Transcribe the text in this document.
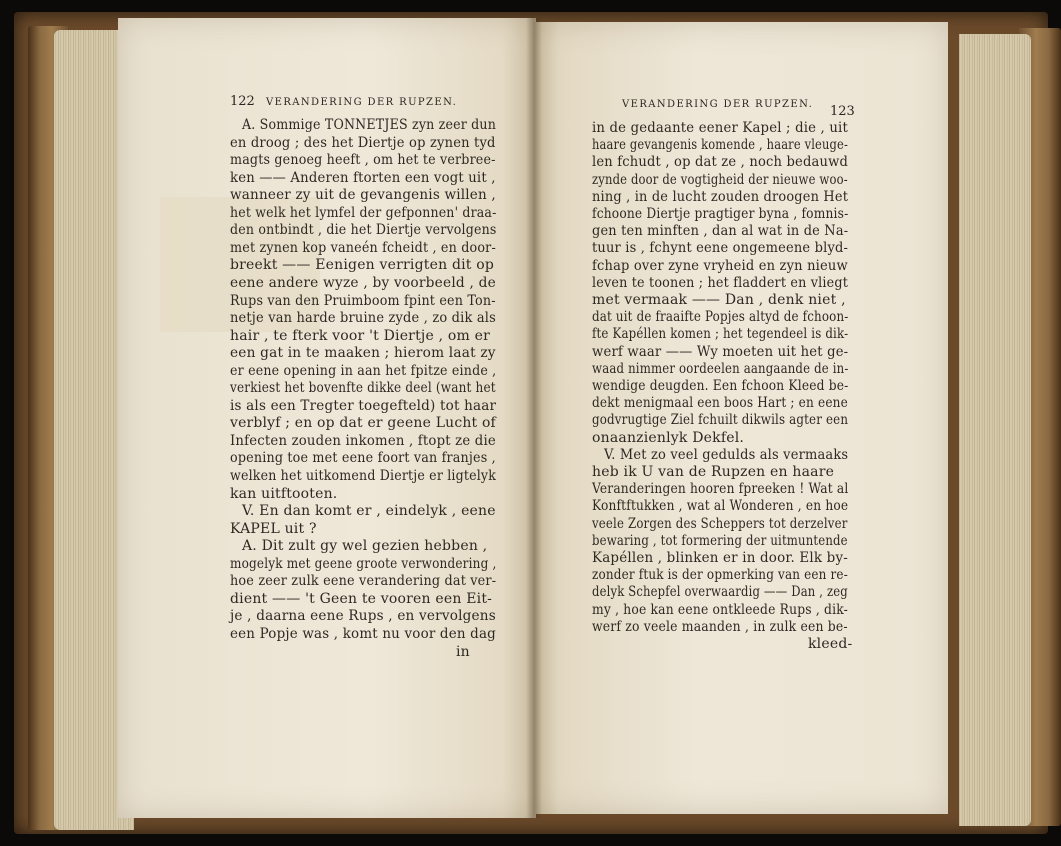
122 VERANDERING DER RUPZEN.	VERANDERING DER RUPZEN. 123
A. Sommige TONNETJES zyn zeer dun
en droog ; des het Diertje op zynen tyd
magts genoeg heeft , om het te verbree-
ken —— Anderen ftorten een vogt uit ,
wanneer zy uit de gevangenis willen ,
het welk het lymfel der gefponnen' draa-
den ontbindt , die het Diertje vervolgens
met zynen kop vaneén fcheidt , en door-
breekt —— Eenigen verrigten dit op
eene andere wyze , by voorbeeld , de
Rups van den Pruimboom fpint een Ton-
netje van harde bruine zyde , zo dik als
hair , te fterk voor 't Diertje , om er
een gat in te maaken ; hierom laat zy
er eene opening in aan het fpitze einde ,
verkiest het bovenfte dikke deel (want het
is als een Tregter toegefteld) tot haar
verblyf ; en op dat er geene Lucht of
Infecten zouden inkomen , ftopt ze die
opening toe met eene foort van franjes ,
welken het uitkomend Diertje er ligtelyk
kan uitftooten.
V. En dan komt er , eindelyk , eene
KAPEL uit ?
A. Dit zult gy wel gezien hebben ,
mogelyk met geene groote verwondering ,
hoe zeer zulk eene verandering dat ver-
dient —— 't Geen te vooren een Eit-
je , daarna eene Rups , en vervolgens
een Popje was , komt nu voor den dag
in
in de gedaante eener Kapel ; die , uit
haare gevangenis komende , haare vleuge-
len fchudt , op dat ze , noch bedauwd
zynde door de vogtigheid der nieuwe woo-
ning , in de lucht zouden droogen Het
fchoone Diertje pragtiger byna , fomnis-
gen ten minften , dan al wat in de Na-
tuur is , fchynt eene ongemeene blyd-
fchap over zyne vryheid en zyn nieuw
leven te toonen ; het fladdert en vliegt
met vermaak —— Dan , denk niet ,
dat uit de fraaifte Popjes altyd de fchoon-
fte Kapéllen komen ; het tegendeel is dik-
werf waar —— Wy moeten uit het ge-
waad nimmer oordeelen aangaande de in-
wendige deugden. Een fchoon Kleed be-
dekt menigmaal een boos Hart ; en eene
godvrugtige Ziel fchuilt dikwils agter een
onaanzienlyk Dekfel.
V. Met zo veel gedulds als vermaaks
heb ik U van de Rupzen en haare
Veranderingen hooren fpreeken ! Wat al
Konftftukken , wat al Wonderen , en hoe
veele Zorgen des Scheppers tot derzelver
bewaring , tot formering der uitmuntende
Kapéllen , blinken er in door. Elk by-
zonder ftuk is der opmerking van een re-
delyk Schepfel overwaardig —— Dan , zeg
my , hoe kan eene ontkleede Rups , dik-
werf zo veele maanden , in zulk een be-
kleed-
